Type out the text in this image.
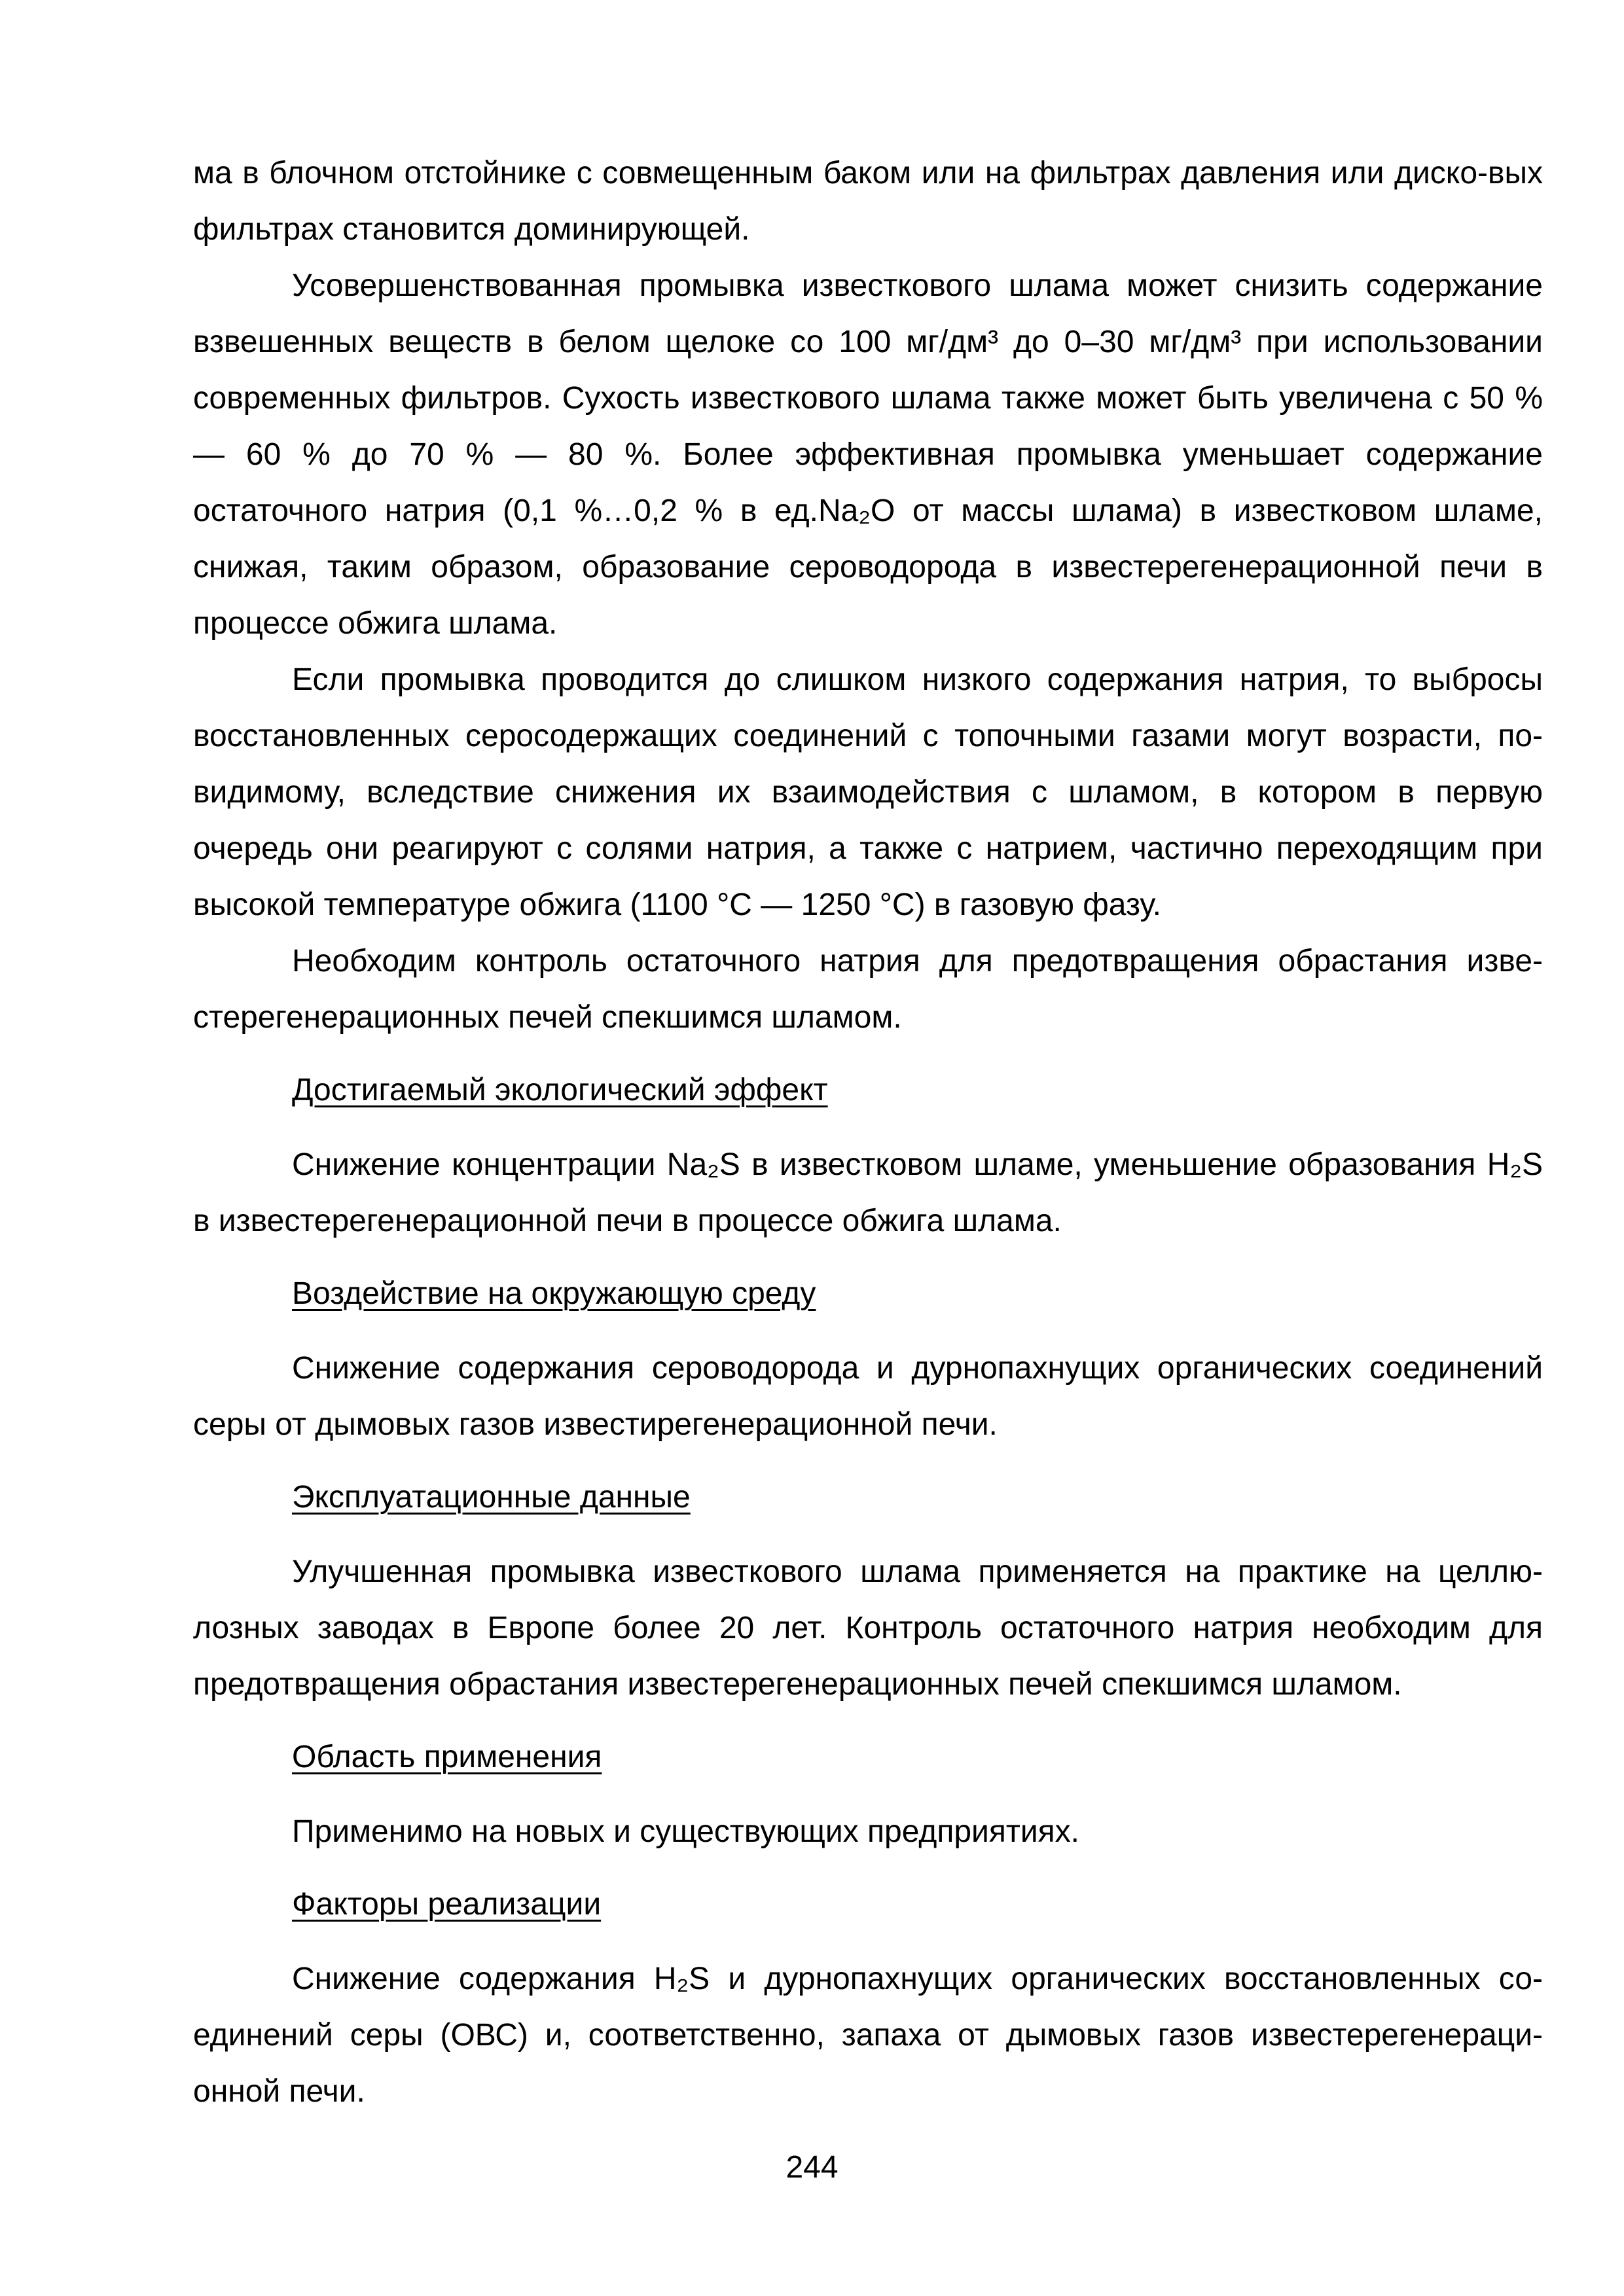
ма в блочном отстойнике с совмещенным баком или на фильтрах давления или диско-вых фильтрах становится доминирующей.

Усовершенствованная промывка известкового шлама может снизить содержание взвешенных веществ в белом щелоке со 100 мг/дм³ до 0–30 мг/дм³ при использовании современных фильтров. Сухость известкового шлама также может быть увеличена с 50 % — 60 % до 70 % — 80 %. Более эффективная промывка уменьшает содержание остаточного натрия (0,1 %…0,2 % в ед.Na₂O от массы шлама) в известковом шламе, снижая, таким образом, образование сероводорода в известерегенерационной печи в процессе обжига шлама.

Если промывка проводится до слишком низкого содержания натрия, то выбросы восстановленных серосодержащих соединений с топочными газами могут возрасти, по-видимому, вследствие снижения их взаимодействия с шламом, в котором в первую очередь они реагируют с солями натрия, а также с натрием, частично переходящим при высокой температуре обжига (1100 °С — 1250 °С) в газовую фазу.

Необходим контроль остаточного натрия для предотвращения обрастания изве-стерегенерационных печей спекшимся шламом.

Достигаемый экологический эффект

Снижение концентрации Na₂S в известковом шламе, уменьшение образования H₂S в известерегенерационной печи в процессе обжига шлама.

Воздействие на окружающую среду

Снижение содержания сероводорода и дурнопахнущих органических соединений серы от дымовых газов известирегенерационной печи.

Эксплуатационные данные

Улучшенная промывка известкового шлама применяется на практике на целлю-лозных заводах в Европе более 20 лет. Контроль остаточного натрия необходим для предотвращения обрастания известерегенерационных печей спекшимся шламом.

Область применения

Применимо на новых и существующих предприятиях.

Факторы реализации

Снижение содержания H₂S и дурнопахнущих органических восстановленных со-единений серы (ОВС) и, соответственно, запаха от дымовых газов известерегенераци-онной печи.

244
